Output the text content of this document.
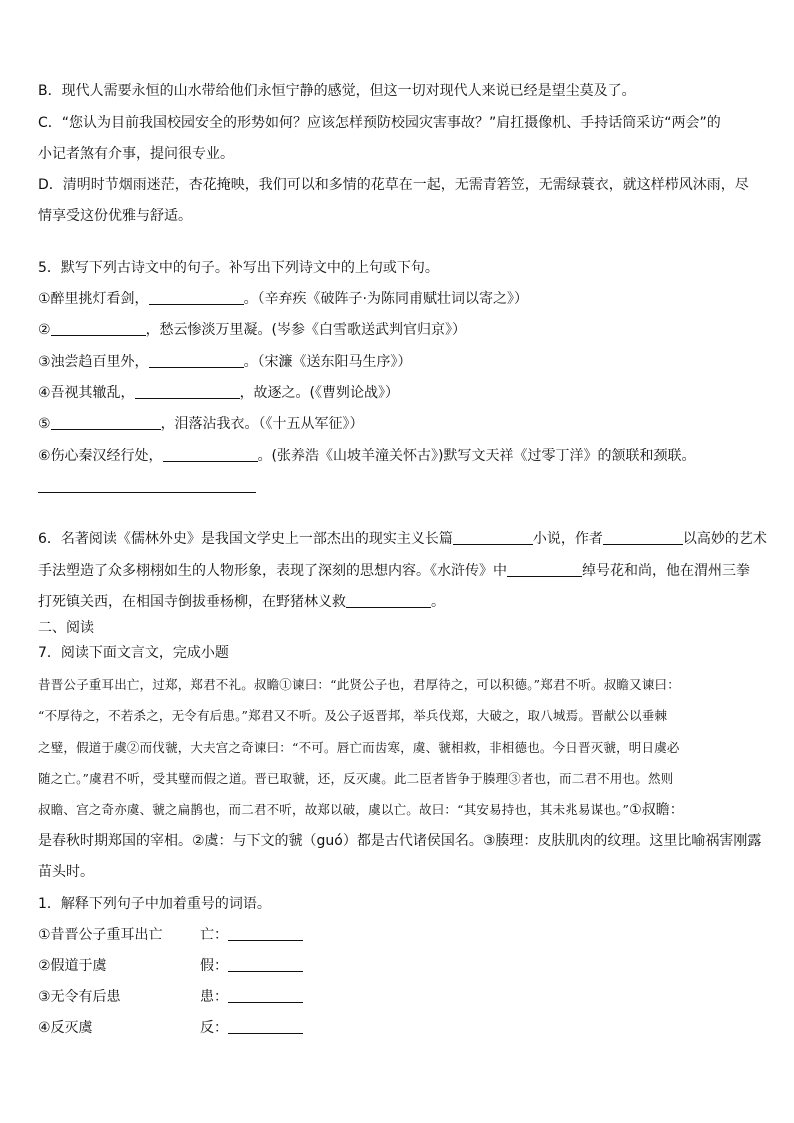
B．现代人需要永恒的山水带给他们永恒宁静的感觉，但这一切对现代人来说已经是望尘莫及了。
C．“您认为目前我国校园安全的形势如何？应该怎样预防校园灾害事故？”肩扛摄像机、手持话筒采访“两会”的
小记者煞有介事，提问很专业。
D．清明时节烟雨迷茫，杏花掩映，我们可以和多情的花草在一起，无需青箬笠，无需绿蓑衣，就这样栉风沐雨，尽
情享受这份优雅与舒适。
5．默写下列古诗文中的句子。补写出下列诗文中的上句或下句。
①醉里挑灯看剑，	。（辛弃疾《破阵子·为陈同甫赋壮词以寄之》）
②	，愁云惨淡万里凝。(岑参《白雪歌送武判官归京》）
③浊尝趋百里外，	。（宋濂《送东阳马生序》）
④吾视其辙乱，	，故逐之。(《曹刿论战》）
⑤	，泪落沾我衣。（《十五从军征》）
⑥伤心秦汉经行处，	。(张养浩《山坡羊潼关怀古》)默写文天祥《过零丁洋》的颔联和颈联。
6．名著阅读《儒林外史》是我国文学史上一部杰出的现实主义长篇	小说，作者	以高妙的艺术
手法塑造了众多栩栩如生的人物形象，表现了深刻的思想内容。《水浒传》中	绰号花和尚，他在渭州三拳
打死镇关西，在相国寺倒拔垂杨柳，在野猪林义救	。
二、阅读
7．阅读下面文言文，完成小题
昔晋公子重耳出亡，过郑，郑君不礼。叔瞻①谏曰：“此贤公子也，君厚待之，可以积德。”郑君不听。叔瞻又谏曰：
“不厚待之，不若杀之，无令有后患。”郑君又不听。及公子返晋邦，举兵伐郑，大破之，取八城焉。晋献公以垂棘
之璧，假道于虞②而伐虢，大夫宫之奇谏曰：“不可。唇亡而齿寒，虞、虢相救，非相德也。今日晋灭虢，明日虞必
随之亡。”虞君不听，受其璧而假之道。晋已取虢，还，反灭虞。此二臣者皆争于腠理③者也，而二君不用也。然则
叔瞻、宫之奇亦虞、虢之扁鹊也，而二君不听，故郑以破，虞以亡。故曰：“其安易持也，其未兆易谋也。”①叔瞻：
是春秋时期郑国的宰相。②虞：与下文的虢（guó）都是古代诸侯国名。③腠理：皮肤肌肉的纹理。这里比喻祸害刚露
苗头时。
1．解释下列句子中加着重号的词语。
①昔晋公子重耳出亡	亡：
②假道于虞	假：
③无令有后患	患：
④反灭虞	反：
